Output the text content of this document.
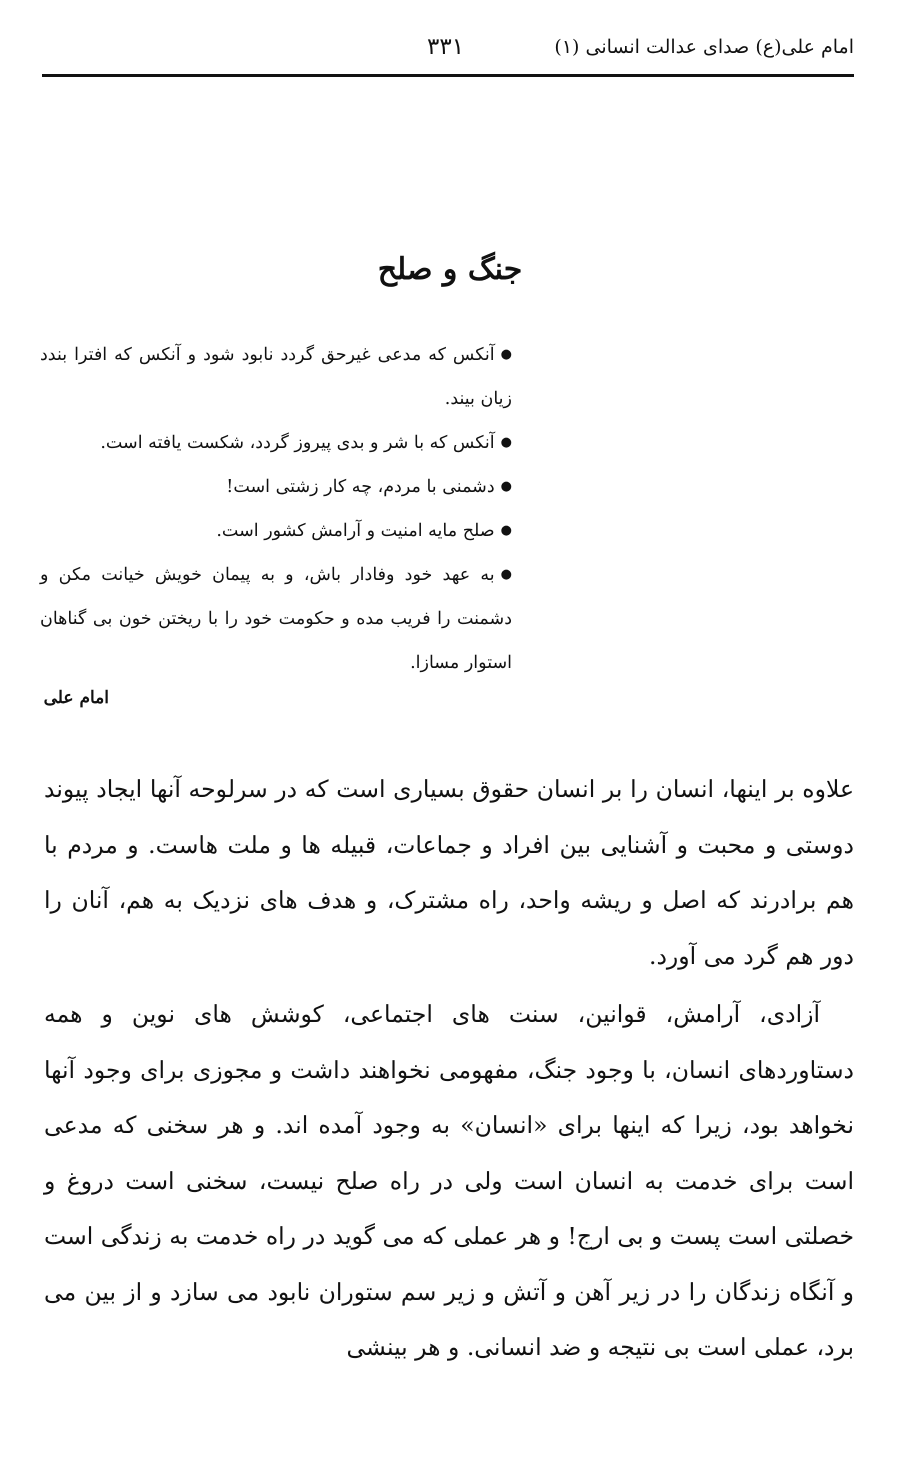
امام علی(ع) صدای عدالت انسانی (۱)
۳۳۱
جنگ و صلح
●آنکس که مدعی غیرحق گردد نابود شود و آنکس که افترا بندد زیان بیند.
●آنکس که با شر و بدی پیروز گردد، شکست یافته است.
●دشمنی با مردم، چه کار زشتی است!
●صلح مایه امنیت و آرامش کشور است.
●به عهد خود وفادار باش، و به پیمان خویش خیانت مکن و دشمنت را فریب مده و حکومت خود را با ریختن خون بی گناهان استوار مسازا.
امام علی

علاوه بر اینها، انسان را بر انسان حقوق بسیاری است که در سرلوحه آنها ایجاد پیوند دوستی و محبت و آشنایی بین افراد و جماعات، قبیله ها و ملت هاست. و مردم با هم برادرند که اصل و ریشه واحد، راه مشترک، و هدف های نزدیک به هم، آنان را دور هم گرد می آورد.

آزادی، آرامش، قوانین، سنت های اجتماعی، کوشش های نوین و همه دستاوردهای انسان، با وجود جنگ، مفهومی نخواهند داشت و مجوزی برای وجود آنها نخواهد بود، زیرا که اینها برای «انسان» به وجود آمده اند. و هر سخنی که مدعی است برای خدمت به انسان است ولی در راه صلح نیست، سخنی است دروغ و خصلتی است پست و بی ارج! و هر عملی که می گوید در راه خدمت به زندگی است و آنگاه زندگان را در زیر آهن و آتش و زیر سم ستوران نابود می سازد و از بین می برد، عملی است بی نتیجه و ضد انسانی. و هر بینشی
